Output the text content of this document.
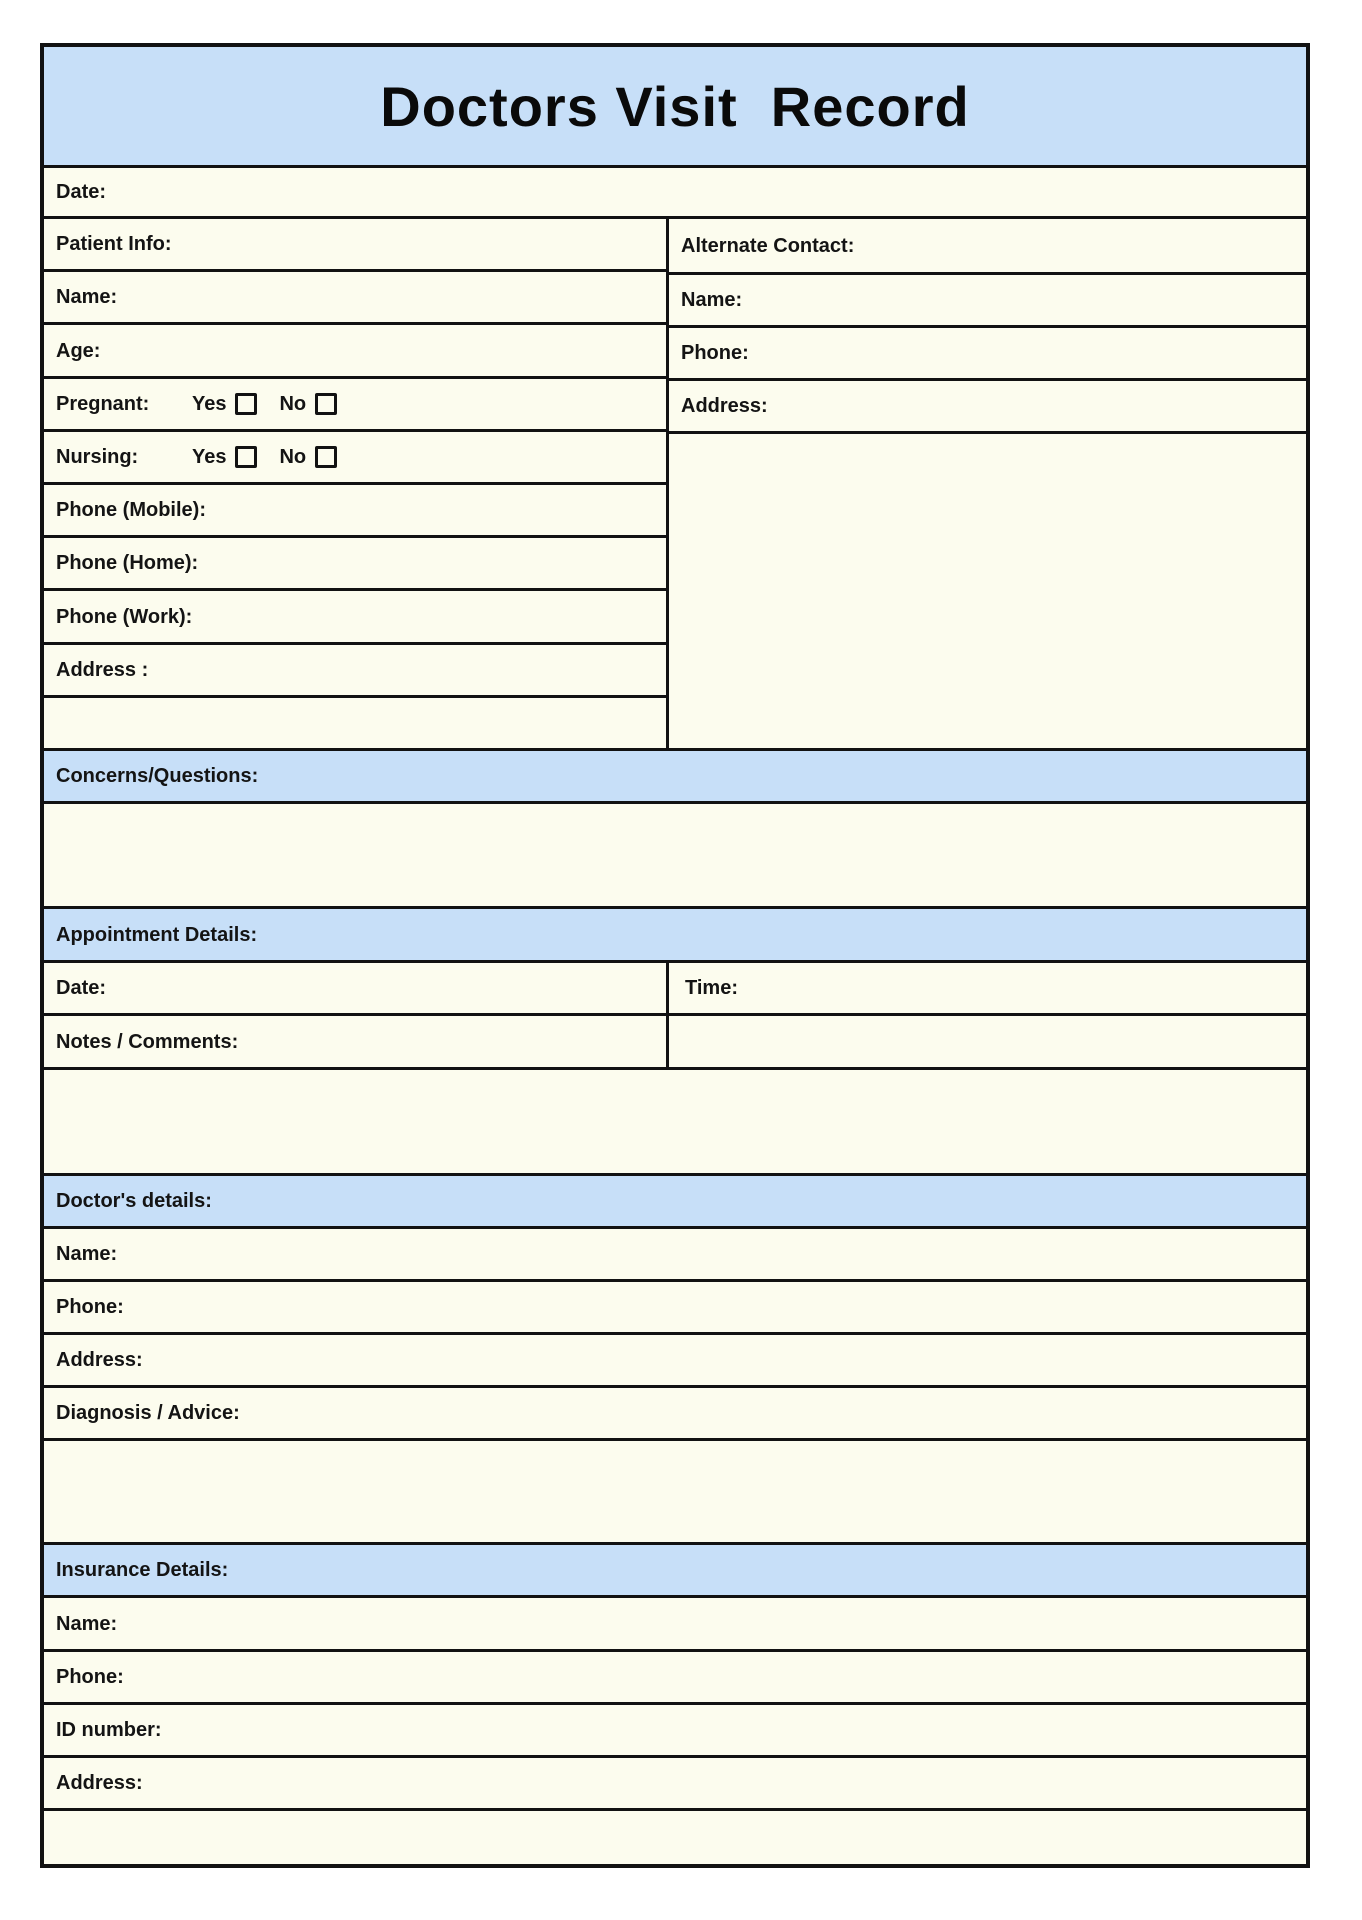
Doctors Visit  Record
Date:
Patient Info:
Name:
Age:
Pregnant:	Yes	No
Nursing:	Yes	No
Phone (Mobile):
Phone (Home):
Phone (Work):
Address :
Alternate Contact:
Name:
Phone:
Address:
Concerns/Questions:
Appointment Details:
Date:	Time:
Notes / Comments:
Doctor's details:
Name:
Phone:
Address:
Diagnosis / Advice:
Insurance Details:
Name:
Phone:
ID number:
Address:
